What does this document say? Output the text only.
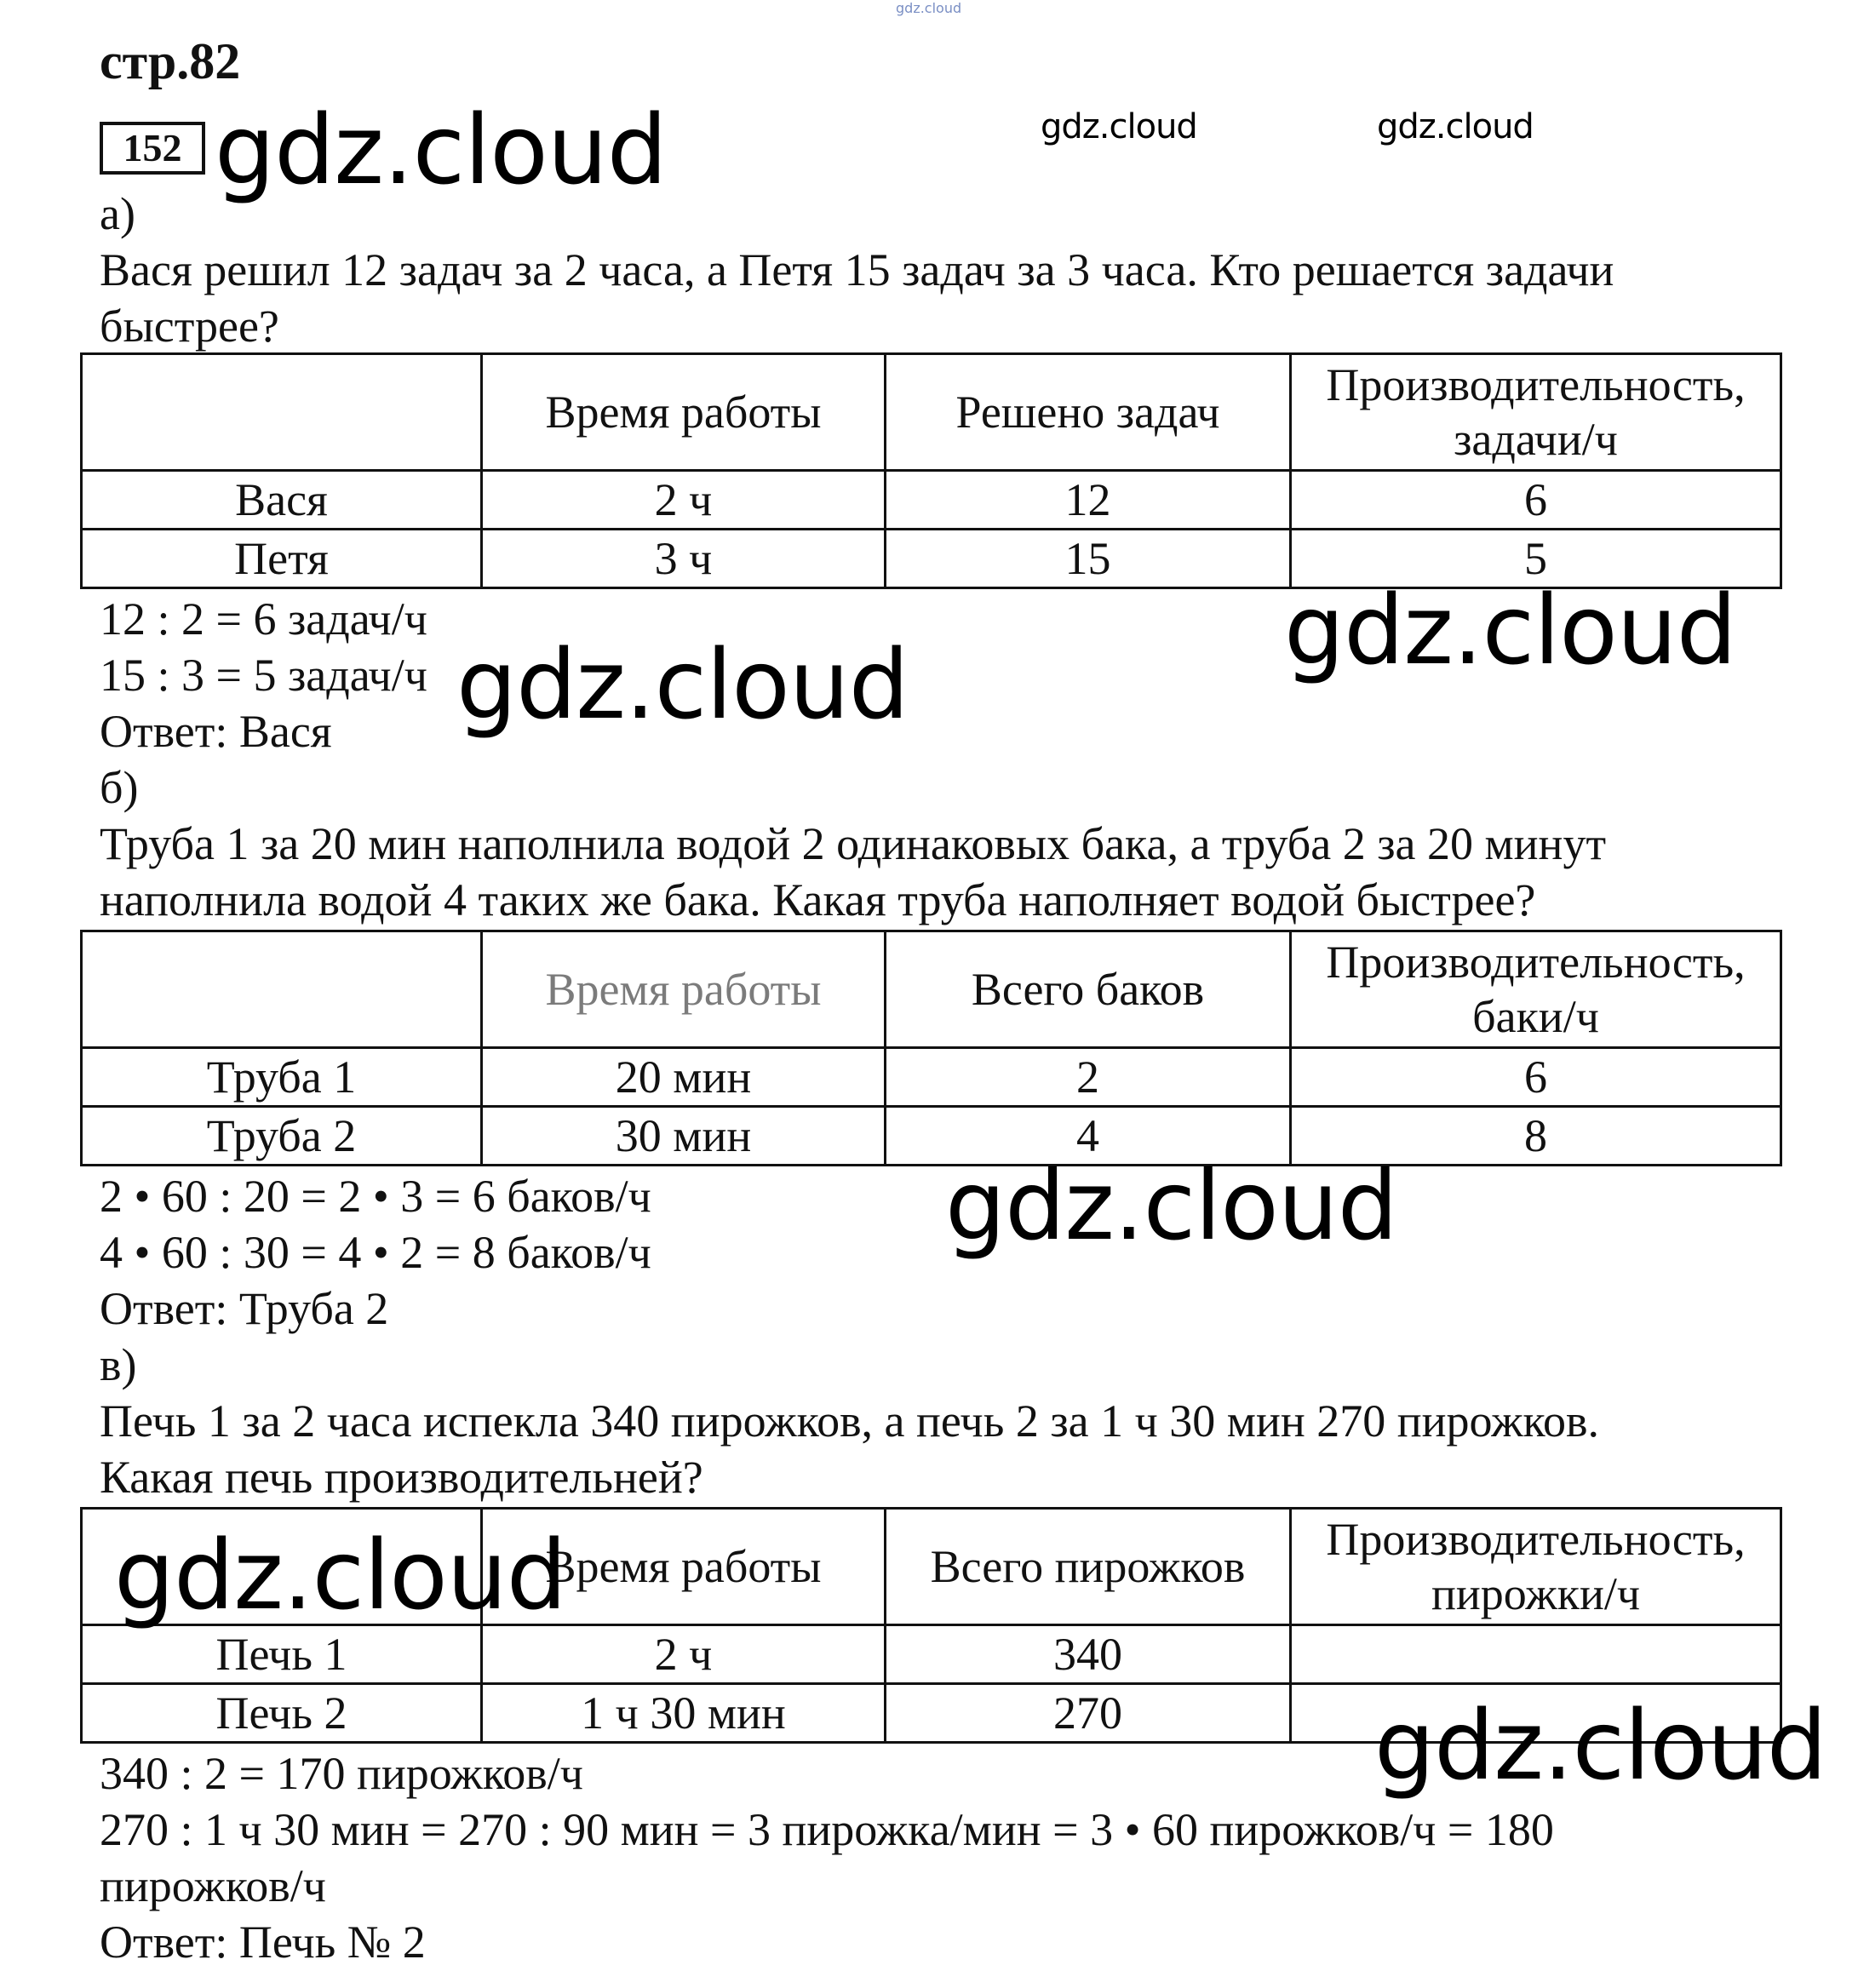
gdz.cloud
стр.82
152 gdz.cloud	gdz.cloud	gdz.cloud
а)
Вася решил 12 задач за 2 часа, а Петя 15 задач за 3 часа. Кто решается задачи
быстрее?
	Время работы	Решено задач	Производительность,
задачи/ч

Вася	2 ч	12	6
Петя	3 ч	15	5
12 : 2 = 6 задач/ч
15 : 3 = 5 задач/ч
Ответ: Вася
gdz.cloud
gdz.cloud
б)
Труба 1 за 20 мин наполнила водой 2 одинаковых бака, а труба 2 за 20 минут
наполнила водой 4 таких же бака. Какая труба наполняет водой быстрее?
	Время работы	Всего баков	Производительность,
баки/ч

Труба 1	20 мин	2	6
Труба 2	30 мин	4	8
2 • 60 : 20 = 2 • 3 = 6 баков/ч
4 • 60 : 30 = 4 • 2 = 8 баков/ч
Ответ: Труба 2
gdz.cloud
в)
Печь 1 за 2 часа испекла 340 пирожков, а печь 2 за 1 ч 30 мин 270 пирожков.
Какая печь производительней?
	Время работы	Всего пирожков	Производительность,
пирожки/ч

Печь 1	2 ч	340	
Печь 2	1 ч 30 мин	270	
gdz.cloud
gdz.cloud
340 : 2 = 170 пирожков/ч
270 : 1 ч 30 мин = 270 : 90 мин = 3 пирожка/мин = 3 • 60 пирожков/ч = 180
пирожков/ч
Ответ: Печь № 2
